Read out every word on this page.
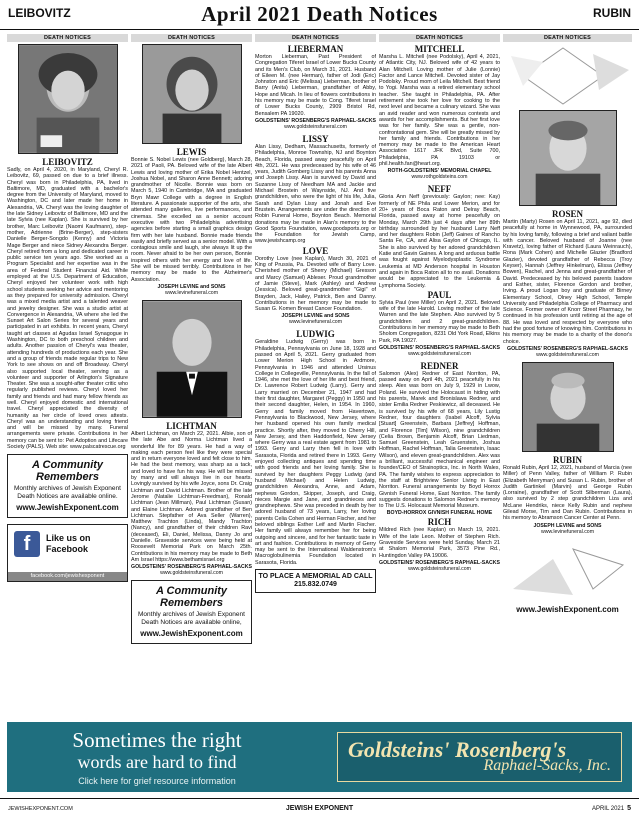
LEIBOVITZ	April 2021 Death Notices	RUBIN
DEATH NOTICES
LEIBOVITZ

Sadly, on April 4, 2020, in Maryland, Cheryl R. Leibovitz, 69, passed on due to a brief illness. Cheryl was born in Philadelphia, PA, lived in Baltimore, MD, graduated with a bachelor's degree from the University of Maryland, moved to Washington, DC and later made her home in Alexandria, VA. Cheryl was the loving daughter of the late Sidney Leibovitz of Baltimore, MD and the late Sylvia (nee Kaplan). She is survived by her brother, Marc Leibovitz (Naomi Kaufmann), step-mother, Adrienne (Brine-Berger), step-sisters Danielle Berger-Songdo (Kenny) and Victoria Mage Berger and niece Sidney Alexandra Berger. Cheryl retired from a long and dedicated career in public service ten years ago. She worked as a Program Specialist and her expertise was in the area of Federal Student Financial Aid. While employed at the U.S. Department of Education, Cheryl enjoyed her volunteer work with high school students seeking her advice and mentoring as they prepared for university admission. Cheryl was a mixed media artist and a talented weaver and jewelry designer. She was a studio artist at Convergence in Alexandria, VA where she led the Sunset Art Salon Series for several years and participated in art exhibits. In recent years, Cheryl taught art classes at Agudas Israel Synagogue in Washington, DC to both preschool children and adults. Another passion of Cheryl's was theater, attending hundreds of productions each year. She and a group of friends made regular trips to New York to see shows on and off Broadway. Cheryl also supported local theater, serving as a volunteer and supporter of Arlington's Signature Theater. She was a sought-after theater critic who regularly published reviews. Cheryl loved her family and friends and had many fellow friends as well. Cheryl enjoyed domestic and international travel. Cheryl appreciated the diversity of humanity as her circle of loved ones attests. Cheryl was an understanding and loving friend and will be missed by many. Funeral arrangements were private. Contributions in her memory can be sent to: Pet Adoption and Lifecare Society (PALS). Web site: www.palscatrescue.org

A Community Remembers
Monthly archives of Jewish Exponent Death Notices are available online.
www.JewishExponent.com
f	Like us on Facebook
facebook.com/jewishexponent
DEATH NOTICES
LEWIS

Bonnie S. Nobel Lewis (nee Goldberg), March 28, 2021 of Paoli, PA. Beloved wife of the late Albert Lewis and loving mother of Erika Nobel Hentzel, Joshua Nobel, and Sharon Anne Bennett; adoring grandmother of Nicolle. Bonnie was born on March 5, 1940 in Cambridge, MA and graduated Bryn Mawr College with a degree in English literature. A passionate supporter of the arts, she attended many galleries, live performances, and cinemas. She excelled as a senior account executive with two Philadelphia advertising agencies before starting a small graphics design firm with her late husband. Bonnie made friends easily and briefly served as a senior model. With a contagious smile and laugh, she always lit up the room. Never afraid to be her own person, Bonnie inspired others with her energy and love of life. She will be missed terribly. Contributions in her memory may be made to the Alzheimer's Association.

JOSEPH LEVINE and SONS
www.levinefuneral.com
LICHTMAN

Albert Lichtman, on March 22, 2021. Albie, son of the late Abe and Norma Lichtman lived a wonderful life for 89 years. He had a way of making each person feel like they were special and in return everyone loved and felt close to him. He had the best memory, was sharp as a tack, and loved to have fun his way. He will be missed by many and will always live in our hearts. Lovingly survived by his wife Joyce, sons Dr. Craig Lichtman and David Lichtman. Brother of the late Jerome (Natalie Lichtman-Freedman), Ronald Lichtman (Jean Millman), Paul Lichtman (Susan) and Elaine Lichtman. Adored grandfather of Ben Lichtman. Stepfather of Ava Seller (Warren), Matthew Trachton (Linda), Mandy Trachton (Nancy), and grandfather of their children Ravi (deceased), Eli, Daniel, Melissa, Danny Jo and Danielle. Graveside services were being held at Roosevelt Memorial Park on March 25th. Contributions in his memory may be made to Beth Am Israel https://www.bethamisrael.org

GOLDSTEINS' ROSENBERG'S RAPHAEL-SACKS
www.goldsteinsfuneral.com
A Community Remembers
Monthly archives of Jewish Exponent Death Notices are available online,
www.JewishExponent.com
DEATH NOTICES
LIEBERMAN

Morton Lieberman, Past President of Congregation Tiferet Israel of Lower Bucks County and its Men's Club, on March 31, 2021. Husband of Eileen M. (nee Herman), father of Jodi (Eric) Johnston and Eric (Melissa) Lieberman, brother of Barry (Anita) Lieberman, grandfather of Abby, Hope and Micah. In lieu of flowers contributions in his memory may be made to Cong. Tiferet Israel of Lower Bucks County, 2909 Bristol Rd, Bensalem PA 19020.

GOLDSTEINS' ROSENBERG'S RAPHAEL-SACKS
www.goldsteinsfuneral.com
LISSY

Alan Lissy, Dedham, Massachusetts, formerly of Philadelphia, Monroe Township, NJ and Boynton Beach, Florida, passed away peacefully on April 4th, 2021. He was predeceased by his wife of 46 years, Judith Gomberg Lissy and his parents Anna and Joseph Lissy. Alan is survived by David and Suzanne Lissy of Needham MA and Jackie and Michael Brostein of Waynside, NJ. And five grandchildren, who were the light of his life, Julia, Sarah and Dylan Lissy and Jonah and Eve Brustein. Arrangements are under the direction of Robin Funeral Home, Boynton Beach. Memorial donations may be made in Alan's memory to the Good Sports Foundation, www.goodsports.org or the Foundation for Jewish Camp, www.jewishcamp.org

LOVE

Dorothy Love (nee Kaplan), March 30, 2021 of King of Prussia, Pa. Devoted wife of Barry Love. Cherished mother of Sherry (Michael) Gresson and Marcy (Samuel) Ableser. Proud grandmother of Jamie (Steve), Mark (Ashley) and Andrew (Jessica). Beloved great-grandmother "Gigi" of Brayden, Jack, Hailey, Patrick, Ben and Danny. Contributions in her memory may be made to Susan G. Komen Breast Cancer Foundation.

JOSEPH LEVINE and SONS
www.levinefuneral.com
LUDWIG

Geraldine Ludwig (Gerry) was born in Philadelphia, Pennsylvania on June 18, 1928 and passed on April 5, 2021. Gerry graduated from Lower Merion High School in Ardmore, Pennsylvania in 1946 and attended Ursinus College in Collegeville, Pennsylvania. In the fall of 1946, she met the love of her life and best friend, Dr. Lawrence Robert Ludwig (Larry). Gerry and Larry married on December 21, 1947 and had their first daughter, Margaret (Peggy) in 1950 and their second daughter, Helen, in 1954. In 1960, Gerry and family moved from Havertown, Pennsylvania to Blackwood, New Jersey, where her husband opened his own family medical practice. Shortly after, they moved to Cherry Hill, New Jersey, and then Haddonfield, New Jersey where Gerry was a real estate agent from 1981 to 1993. Gerry and Larry then fell in love with Sarasota, Florida and retired there in 1993. Gerry enjoyed collecting antiques and spending time with good friends and her loving family. She is survived by her daughters Peggy Ludwig (and husband Michael) and Helen Ludwig, grandchildren Alexandra, Anne, and Adam, nephews Gordon, Skipper, Joseph, and Craig, nieces Margie and Jane, and grandnieces and grandnephews. She was preceded in death by her adored husband of 73 years, Larry, her loving parents Celia Cohen and Herman Fischer, and her beloved siblings Esther Leif and Martin Fischer. Her family will always remember her for being outgoing and sincere, and for her fantastic taste in art and fashion. Contributions in memory of Gerry may be sent to the International Waldenstrom's Macroglobulinemia Foundation located in Sarasota, Florida.

TO PLACE A MEMORIAL AD CALL 215.832.0749
DEATH NOTICES
MITCHELL

Marsha L. Mitchell (nee Podolsky), April 4, 2021, of Atlantic City, NJ. Beloved wife of 42 years to Alan Mitchell. Loving mother of Julie (Lonnie) Factor and Lance Mitchell. Devoted sister of Jay Podolsky. Proud mom of Leila Mitchell. Best friend to Yogi. Marsha was a retired elementary school teacher. She taught in Philadelphia, PA. After retirement she took her love for cooking to the next level and became a culinary wizard. She was an avid reader and won numerous contests and awards for her accomplishments. But her first love was for her family. She was a gentle, non-confrontational gem. She will be greatly missed by her family and friends. Contributions in her memory may be made to the American Heart Association 1617 JFK Blvd, Suite 700, Philadelphia, PA 19103 or phil.health.fan@heart.org.

ROTH-GOLDSTEINS' MEMORIAL CHAPEL
www.rothgoldsteins.com
NEFF

Gloria Ann Neff (previously: Gaylon; nee: Kay) formerly of NE Phila and Lower Merion, and for 20+ years of Boca Raton and Delray Beach, Florida, passed away at home peacefully on Monday, March 29th just 4 days after her 89th birthday surrounded by her husband Larry Neff and her daughters Robin (Jeff) Gaines of Rancho Santa Fe, CA, and Alisa Gaylon of Chicago, IL. She is also survived by her adored grandchildren Katie and Gavin Gaines. A long and arduous battle was fought against Myelodysplastic Syndrome Leukemia at MD Anderson hospital in Houston and again in Boca Raton all to no avail. Donations would be appreciated to the Leukemia & Lymphoma Society.

PAUL

Sylvia Paul (nee Miller) on April 2, 2021. Beloved wife of the late Harold. Loving mother of the late Warren and the late Stephen. Also survived by 5 grandchildren and 2 great-grandchildren. Contributions in her memory may be made to Beth Sholom Congregation, 8231 Old York Road, Elkins Park, PA 19027.

GOLDSTEINS' ROSENBERG'S RAPHAEL-SACKS
www.goldsteinsfuneral.com
REDNER

Salomon (Alex) Redner of East Norriton, PA, passed away on April 4th, 2021 peacefully in his sleep. Alex was born on July 9, 1929 in Lwow, Poland. He survived the Holocaust in hiding with his parents, Marek and Bronislawa Redner, and sister Emilia Redner Peskiewicz, all deceased. He is survived by his wife of 68 years, Lily Lustig Redner, four daughters (Isabel Alcoff, Sylvia [Stuart] Greenstein, Barbara [Jeffrey] Hoffman, and Florence [Tim] Wilson), nine grandchildren (Celia Brown, Benjamin Alcoff, Brian Liedman, Samuel Greenstein, Leah Gruenstein, Joshua Hoffman, Rachel Hoffman, Talia Greenstein, Isaac Wilson), and eleven great-grandchildren. Alex was a brilliant, successful mechanical engineer and founder/CEO of Strainoptics, Inc. in North Wales, PA. The family wishes to express appreciation to the staff at Brightview Senior Living in East Norriton. Funeral arrangements by Boyd Horrox Givnish Funeral Home, East Norriton. The family suggests donations to Salomon Redner's memory to The U.S. Holocaust Memorial Museum.

BOYD-HORROX GIVNISH FUNERAL HOME
RICH

Mildred Rich (nee Kaplan) on March 19, 2021. Wife of the late Leon. Mother of Stephen Rich. Graveside Services were held Sunday, March 21 at Shalom Memorial Park, 3573 Pine Rd., Huntingdon Valley PA 19006.

GOLDSTEINS' ROSENBERG'S RAPHAEL-SACKS
www.goldsteinsfuneral.com
DEATH NOTICES
ROSEN

Martin (Marty) Rosen on April 11, 2021, age 92, died peacefully at home in Wynnewood, PA, surrounded by his loving family, following a brief and valiant battle with cancer. Beloved husband of Joanne (nee Kravetz), loving father of Richard (Laura Weinrauch), Rona (Mark Cohen) and Michelle Glazier (Bradford Glazier), devoted grandfather of Rebecca (Troy Keyser), Hannah (Jeffrey Hinkelman), Elissa (Jeffrey Bowen), Rachel, and Jenna and great-grandfather of David. Predeceased by his beloved parents Isadore and Esther, sister, Florence Gordon and brother, Irving. A proud Logan boy and graduate of Birney Elementary School, Olney High School, Temple University and Philadelphia College of Pharmacy and Science. Former owner of Knorr Street Pharmacy, he continued in his profession until retiring at the age of 88. He was loved and respected by everyone who had the good fortune of knowing him. Contributions in his memory may be made to a charity of the donor's choice.

GOLDSTEINS' ROSENBERG'S RAPHAEL-SACKS
www.goldsteinsfuneral.com
RUBIN

Ronald Rubin, April 12, 2021, husband of Marcia (nee Miller) of Penn Valley, father of William P. Rubin (Elizabeth Merryman) and Susan L. Rubin, brother of Judith Gartinkel (Marvin) and George Rubin (Lorraine), grandfather of Scott Silberman (Laura), also survived by 2 step grandchildren Liza and McLane Hendriks, niece Kelly Rubin and nephew Gilead Morse, Tim and Dan Rubin. Contributions in his memory to Abramson Cancer Center at Penn.

JOSEPH LEVINE and SONS
www.levinefuneral.com
www.JewishExponent.com
Sometimes the right
words are hard to find
Click here for grief resource information
Goldsteins' Rosenberg's
Raphael-Sacks, Inc.
JEWISHEXPONENT.COM	JEWISH EXPONENT	APRIL 2021 5
